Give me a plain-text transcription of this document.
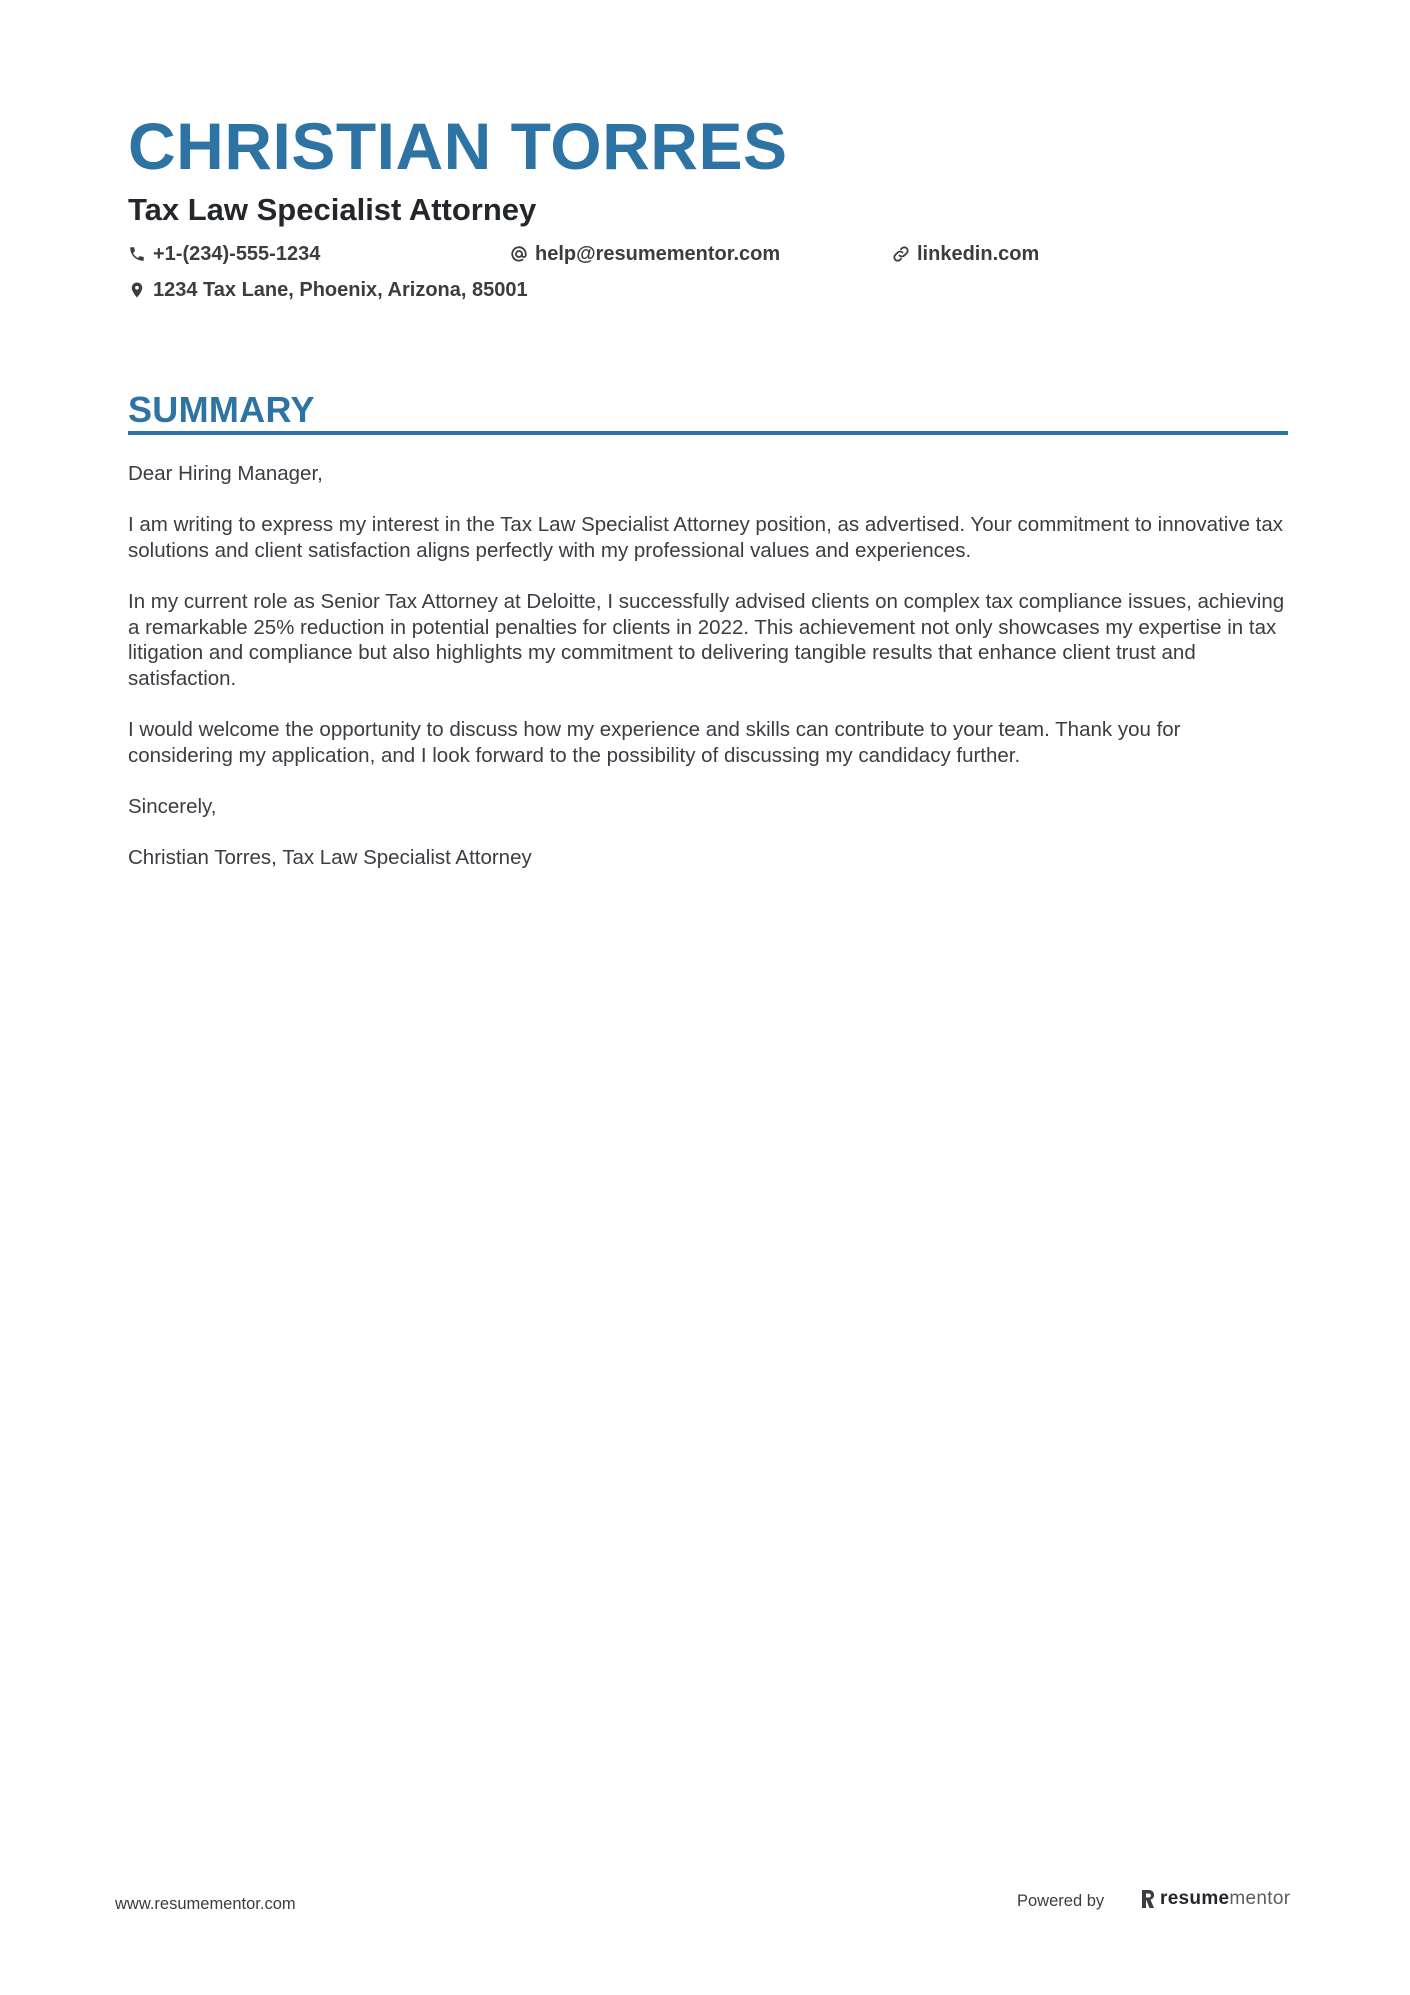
CHRISTIAN TORRES
Tax Law Specialist Attorney
+1-(234)-555-1234	help@resumementor.com	linkedin.com
1234 Tax Lane, Phoenix, Arizona, 85001
SUMMARY

Dear Hiring Manager,

I am writing to express my interest in the Tax Law Specialist Attorney position, as advertised. Your commitment to innovative tax solutions and client satisfaction aligns perfectly with my professional values and experiences.

In my current role as Senior Tax Attorney at Deloitte, I successfully advised clients on complex tax compliance issues, achieving a remarkable 25% reduction in potential penalties for clients in 2022. This achievement not only showcases my expertise in tax litigation and compliance but also highlights my commitment to delivering tangible results that enhance client trust and satisfaction.

I would welcome the opportunity to discuss how my experience and skills can contribute to your team. Thank you for considering my application, and I look forward to the possibility of discussing my candidacy further.

Sincerely,

Christian Torres, Tax Law Specialist Attorney

www.resumementor.com	Powered by	resumementor
